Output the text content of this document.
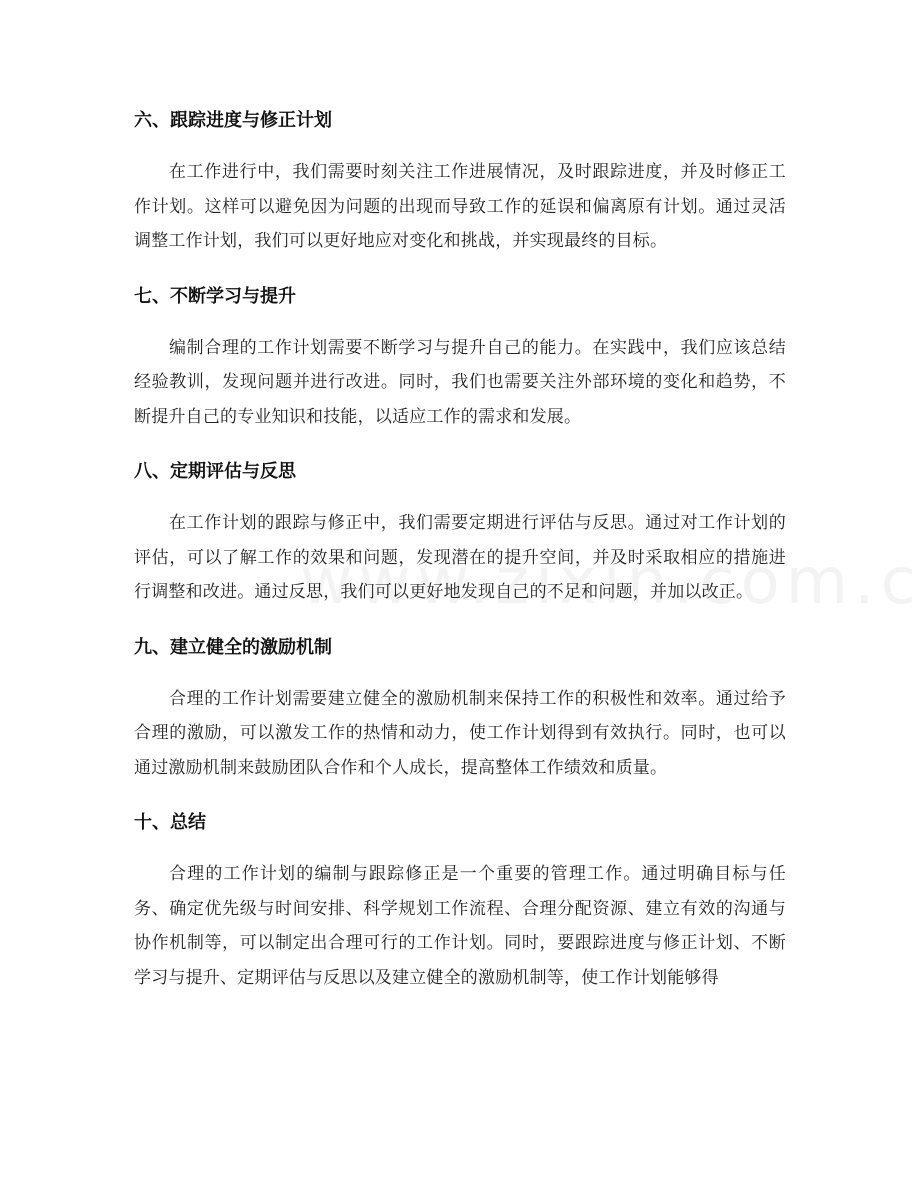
六、跟踪进度与修正计划

在工作进行中，我们需要时刻关注工作进展情况，及时跟踪进度，并及时修正工作计划。这样可以避免因为问题的出现而导致工作的延误和偏离原有计划。通过灵活调整工作计划，我们可以更好地应对变化和挑战，并实现最终的目标。

七、不断学习与提升

编制合理的工作计划需要不断学习与提升自己的能力。在实践中，我们应该总结经验教训，发现问题并进行改进。同时，我们也需要关注外部环境的变化和趋势，不断提升自己的专业知识和技能，以适应工作的需求和发展。

八、定期评估与反思

在工作计划的跟踪与修正中，我们需要定期进行评估与反思。通过对工作计划的评估，可以了解工作的效果和问题，发现潜在的提升空间，并及时采取相应的措施进行调整和改进。通过反思，我们可以更好地发现自己的不足和问题，并加以改正。

九、建立健全的激励机制

合理的工作计划需要建立健全的激励机制来保持工作的积极性和效率。通过给予合理的激励，可以激发工作的热情和动力，使工作计划得到有效执行。同时，也可以通过激励机制来鼓励团队合作和个人成长，提高整体工作绩效和质量。

十、总结

合理的工作计划的编制与跟踪修正是一个重要的管理工作。通过明确目标与任务、确定优先级与时间安排、科学规划工作流程、合理分配资源、建立有效的沟通与协作机制等，可以制定出合理可行的工作计划。同时，要跟踪进度与修正计划、不断学习与提升、定期评估与反思以及建立健全的激励机制等，使工作计划能够得
